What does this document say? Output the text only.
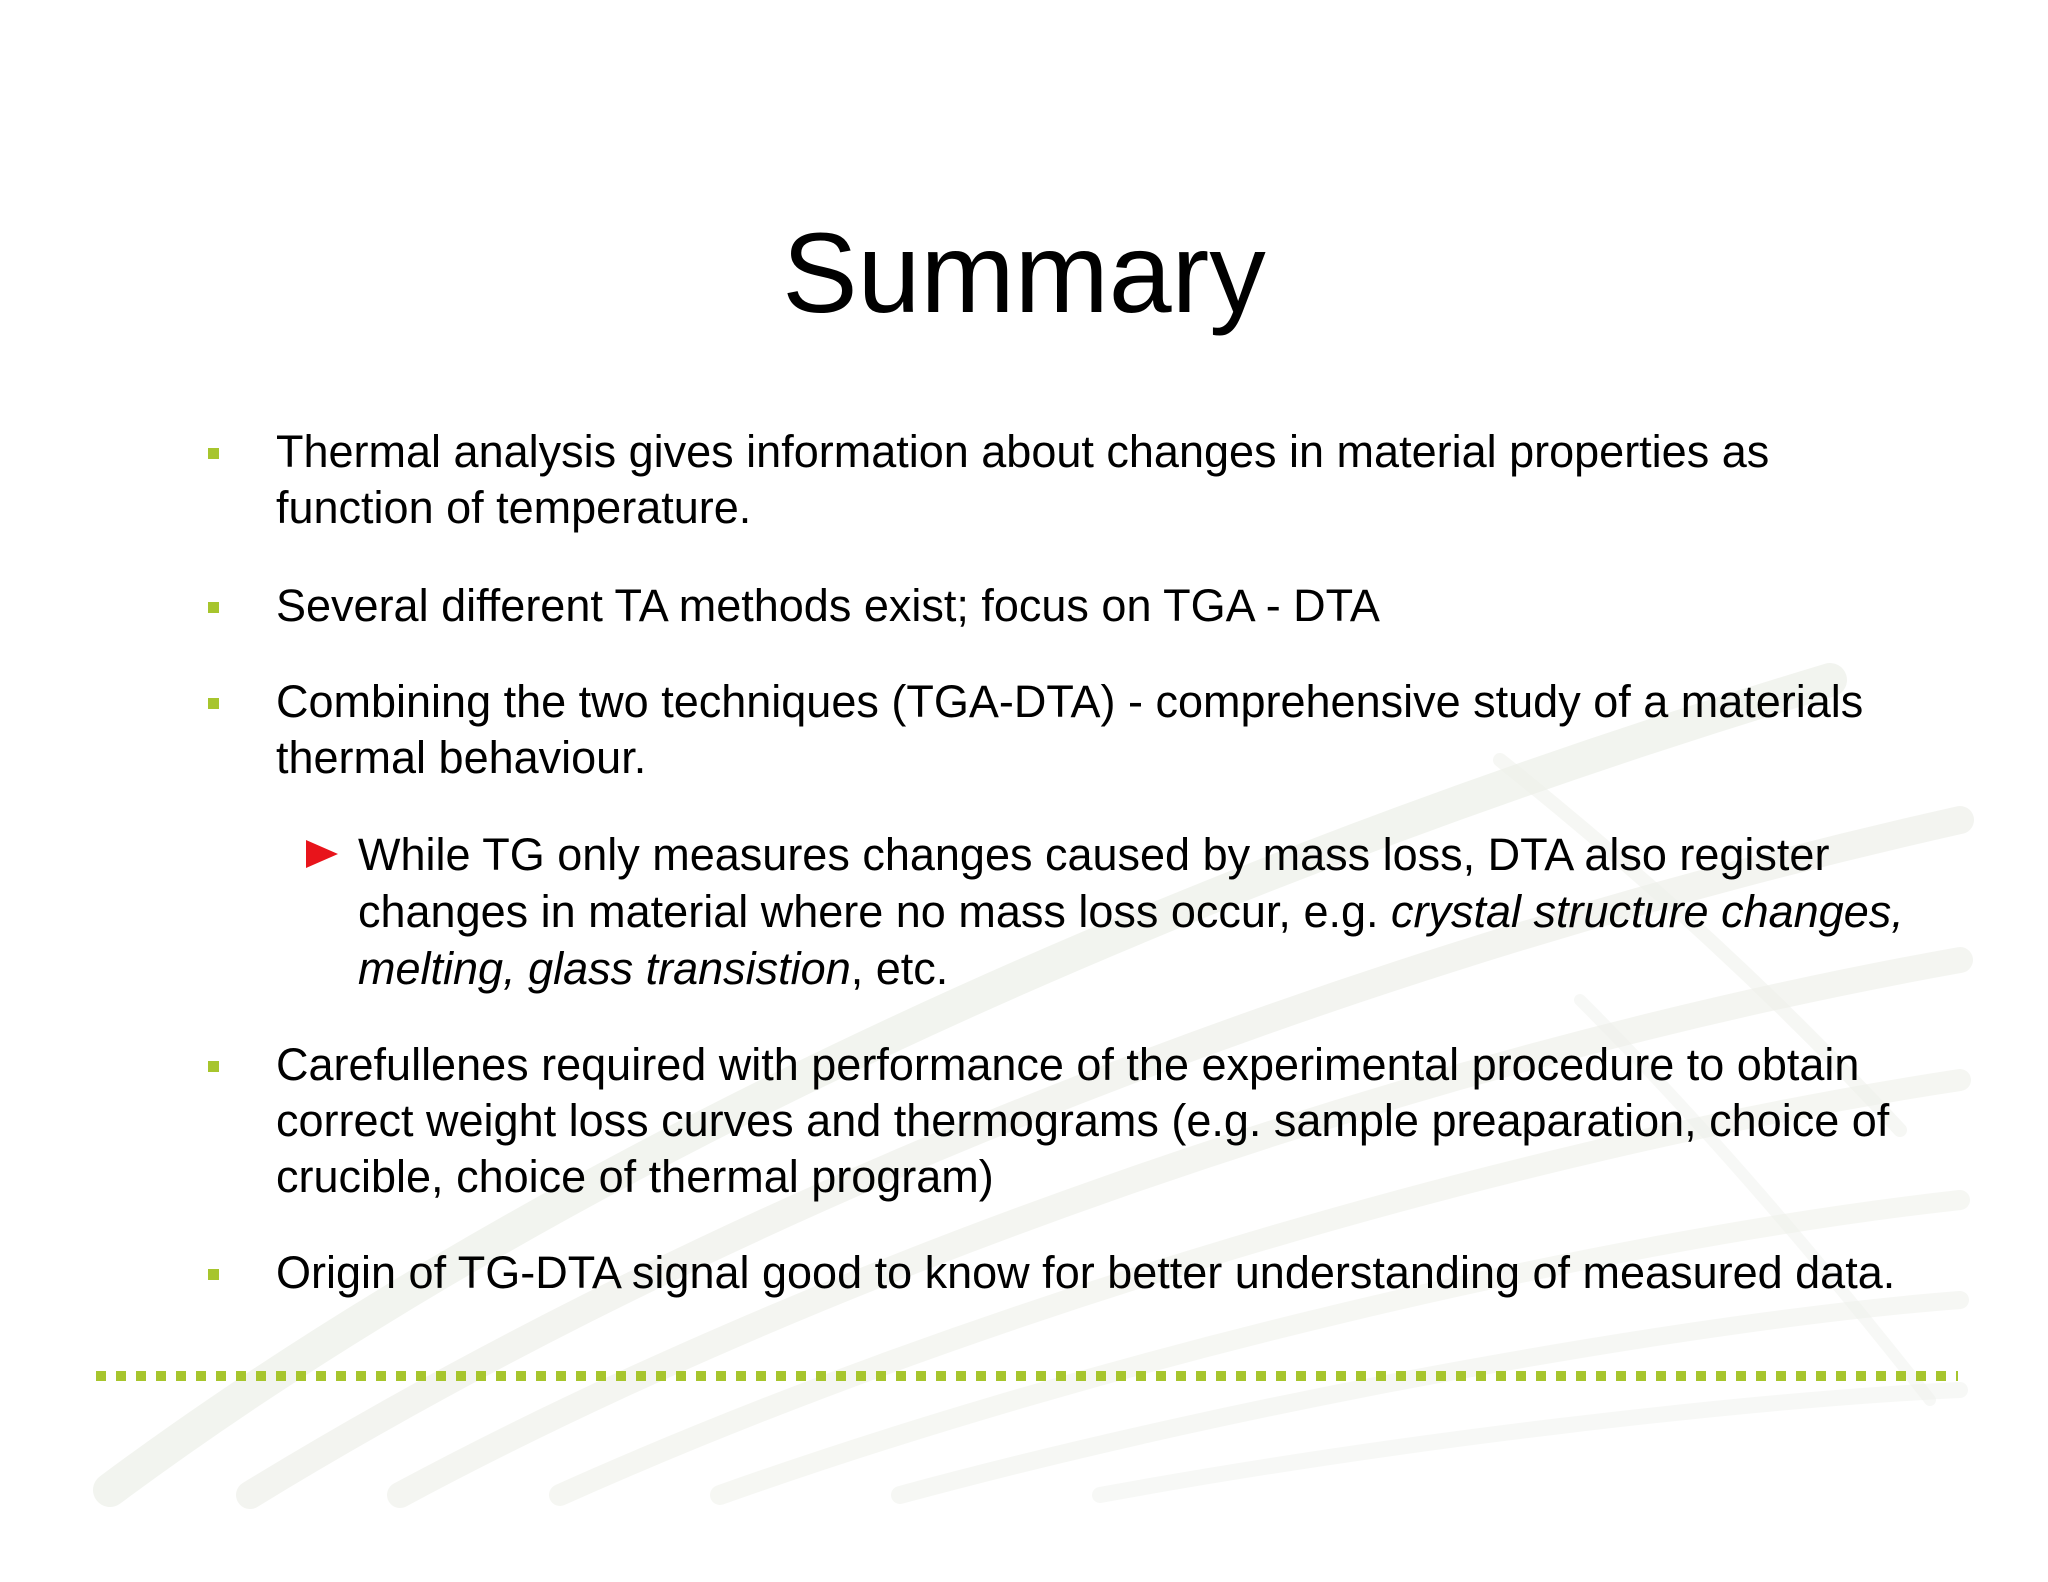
Summary
Thermal analysis gives information about changes in material properties as function of temperature.
Several different TA methods exist; focus on TGA - DTA
Combining the two techniques (TGA-DTA) - comprehensive study of a materials thermal behaviour.
While TG only measures changes caused by mass loss, DTA also register changes in material where no mass loss occur, e.g. crystal structure changes, melting, glass transistion, etc.
Carefullenes required with performance of the experimental procedure to obtain correct weight loss curves and thermograms (e.g. sample preaparation, choice of crucible, choice of thermal program)
Origin of TG-DTA signal good to know for better understanding of measured data.
